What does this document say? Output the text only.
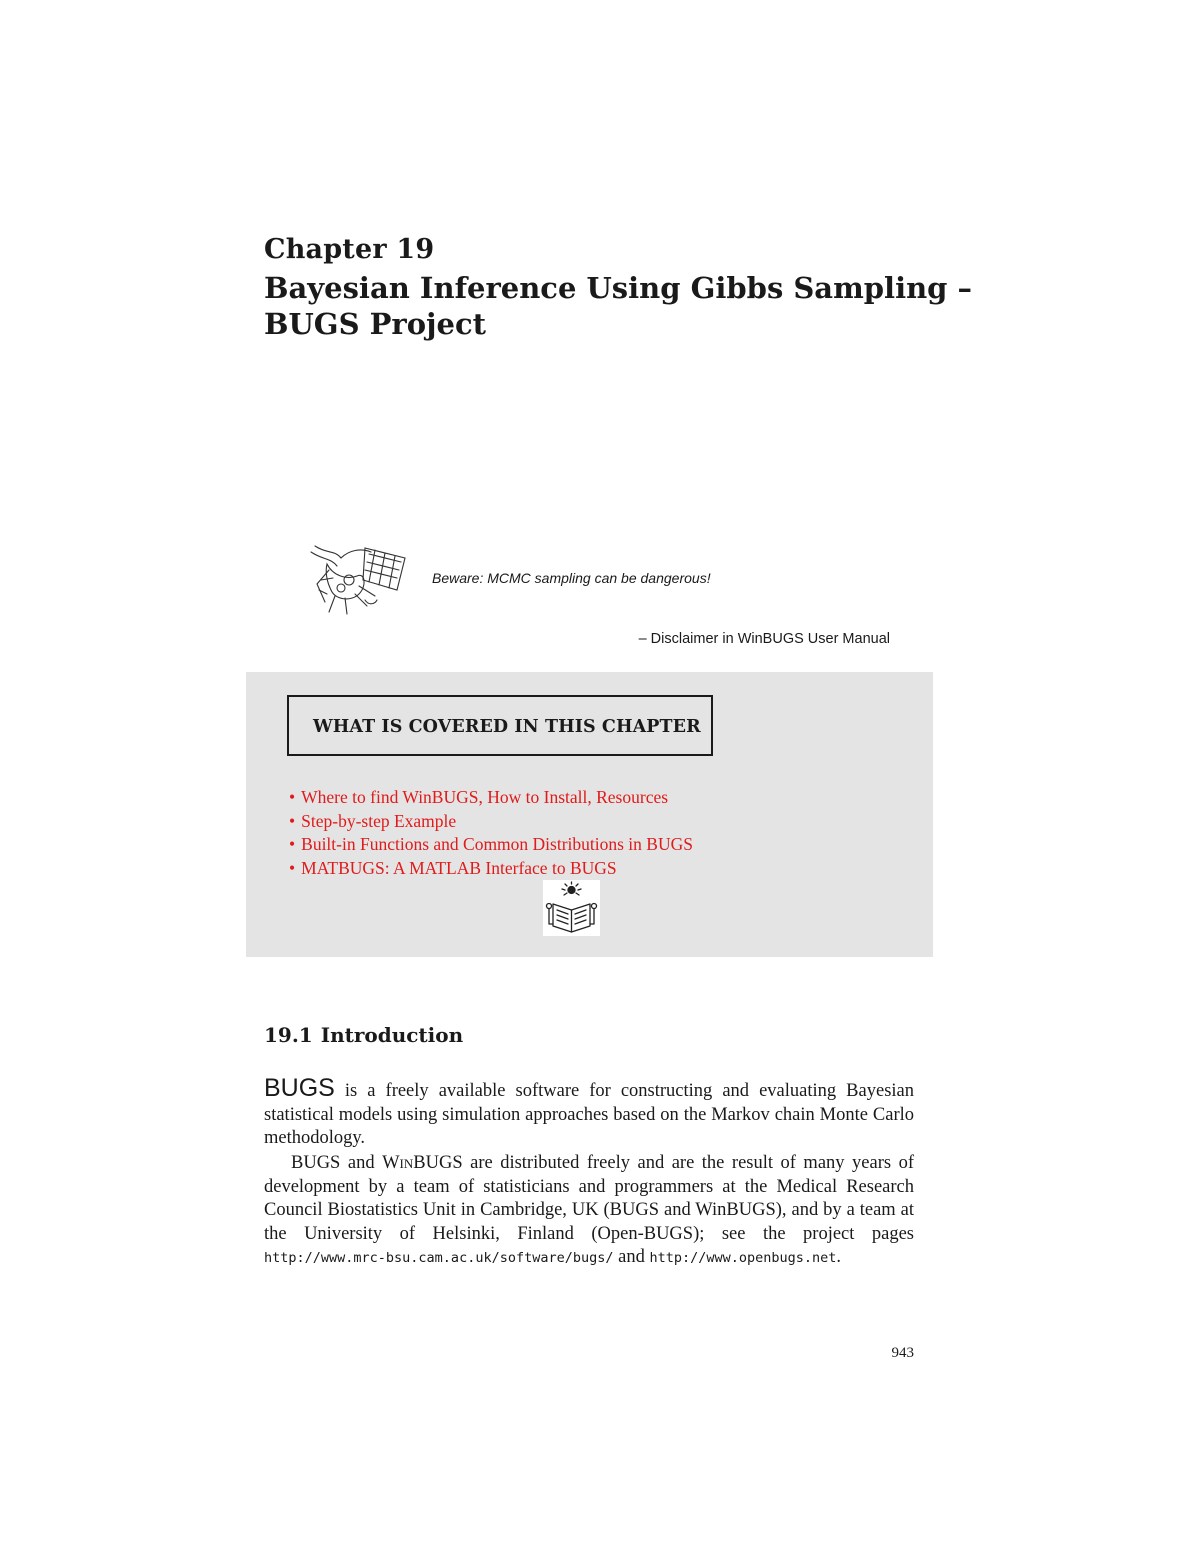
Chapter 19
Bayesian Inference Using Gibbs Sampling –
BUGS Project
Beware: MCMC sampling can be dangerous!
– Disclaimer in WinBUGS User Manual
WHAT IS COVERED IN THIS CHAPTER
• Where to find WinBUGS, How to Install, Resources
• Step-by-step Example
• Built-in Functions and Common Distributions in BUGS
• MATBUGS: A MATLAB Interface to BUGS
19.1 Introduction
BUGS is a freely available software for constructing and evaluating Bayesian statistical models using simulation approaches based on the Markov chain Monte Carlo methodology.
BUGS and WinBUGS are distributed freely and are the result of many years of development by a team of statisticians and programmers at the Medical Research Council Biostatistics Unit in Cambridge, UK (BUGS and WinBUGS), and by a team at the University of Helsinki, Finland (Open-BUGS); see the project pages http://www.mrc-bsu.cam.ac.uk/software/bugs/ and http://www.openbugs.net.
943
